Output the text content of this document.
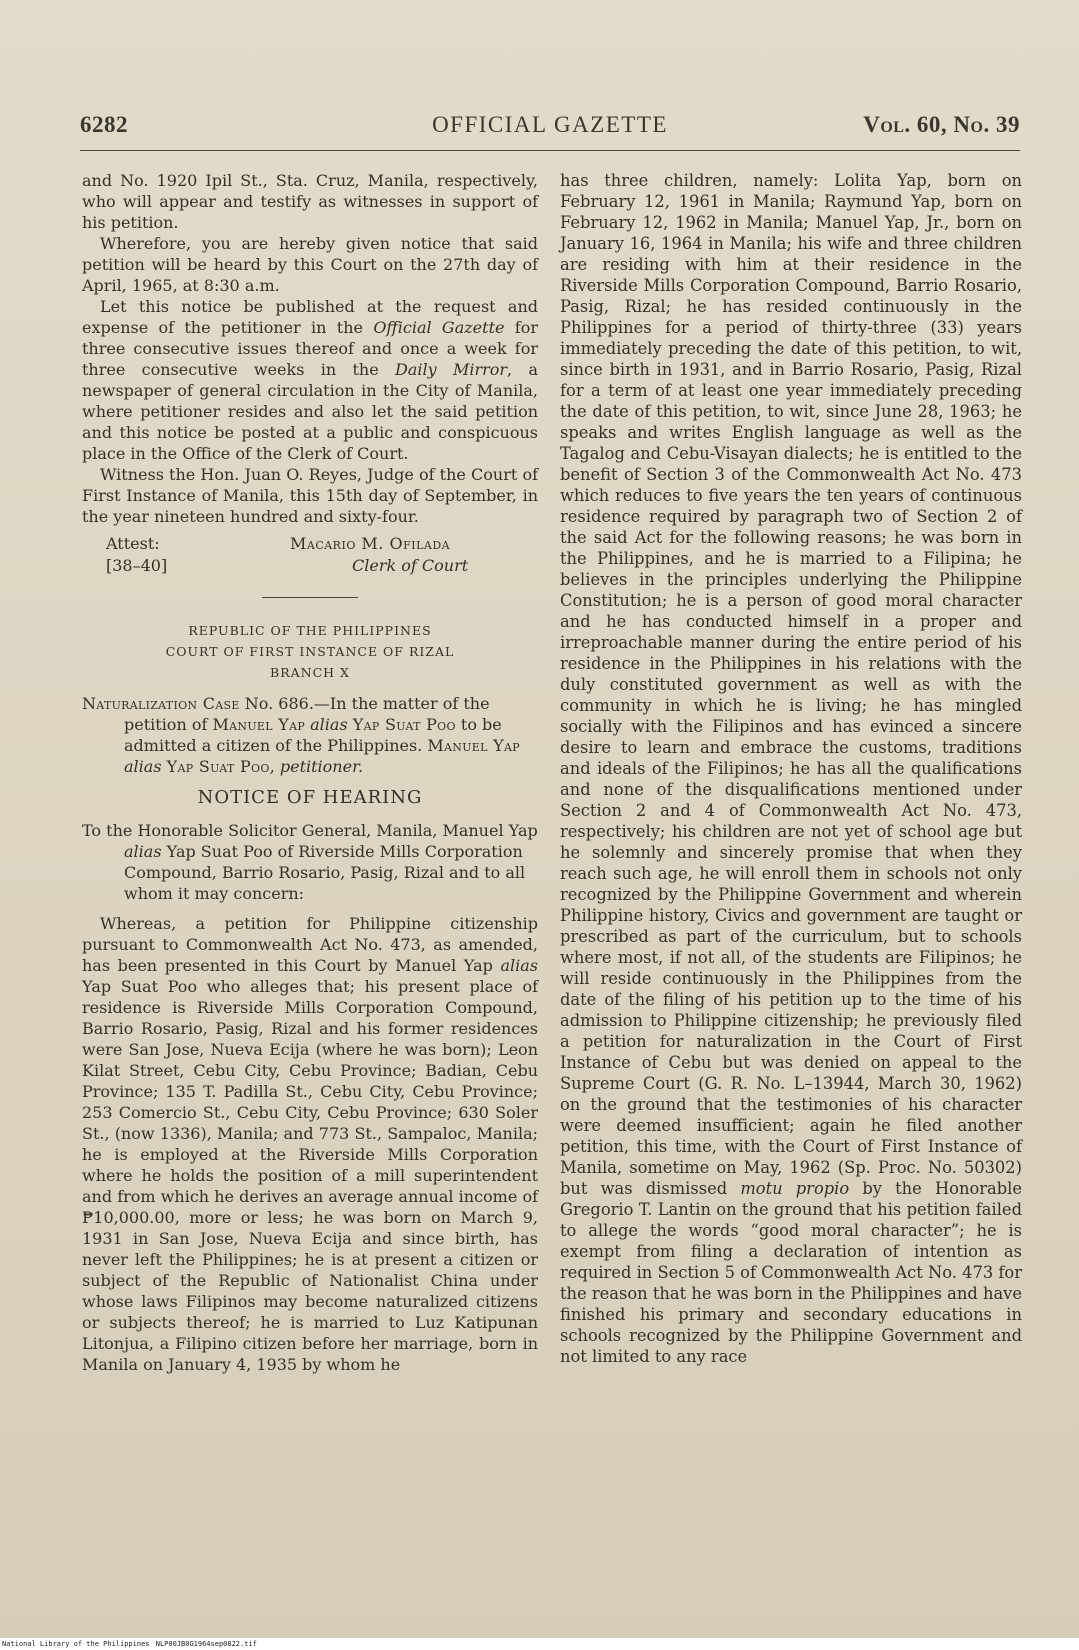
6282	OFFICIAL GAZETTE	Vol. 60, No. 39

and No. 1920 Ipil St., Sta. Cruz, Manila, respectively, who will appear and testify as witnesses in support of his petition.

Wherefore, you are hereby given notice that said petition will be heard by this Court on the 27th day of April, 1965, at 8:30 a.m.

Let this notice be published at the request and expense of the petitioner in the Official Gazette for three consecutive issues thereof and once a week for three consecutive weeks in the Daily Mirror, a newspaper of general circulation in the City of Manila, where petitioner resides and also let the said petition and this notice be posted at a public and conspicuous place in the Office of the Clerk of Court.

Witness the Hon. Juan O. Reyes, Judge of the Court of First Instance of Manila, this 15th day of September, in the year nineteen hundred and sixty-four.

Attest:
[38–40]
Macario M. Ofilada
Clerk of Court
REPUBLIC OF THE PHILIPPINES
COURT OF FIRST INSTANCE OF RIZAL
BRANCH X

Naturalization Case No. 686.—In the matter of the petition of Manuel Yap alias Yap Suat Poo to be admitted a citizen of the Philippines. Manuel Yap alias Yap Suat Poo, petitioner.

NOTICE OF HEARING

To the Honorable Solicitor General, Manila, Manuel Yap alias Yap Suat Poo of Riverside Mills Corporation Compound, Barrio Rosario, Pasig, Rizal and to all whom it may concern:

Whereas, a petition for Philippine citizenship pursuant to Commonwealth Act No. 473, as amended, has been presented in this Court by Manuel Yap alias Yap Suat Poo who alleges that; his present place of residence is Riverside Mills Corporation Compound, Barrio Rosario, Pasig, Rizal and his former residences were San Jose, Nueva Ecija (where he was born); Leon Kilat Street, Cebu City, Cebu Province; Badian, Cebu Province; 135 T. Padilla St., Cebu City, Cebu Province; 253 Comercio St., Cebu City, Cebu Province; 630 Soler St., (now 1336), Manila; and 773 St., Sampaloc, Manila; he is employed at the Riverside Mills Corporation where he holds the position of a mill superintendent and from which he derives an average annual income of ₱10,000.00, more or less; he was born on March 9, 1931 in San Jose, Nueva Ecija and since birth, has never left the Philippines; he is at present a citizen or subject of the Republic of Nationalist China under whose laws Filipinos may become naturalized citizens or subjects thereof; he is married to Luz Katipunan Litonjua, a Filipino citizen before her marriage, born in Manila on January 4, 1935 by whom he

has three children, namely: Lolita Yap, born on February 12, 1961 in Manila; Raymund Yap, born on February 12, 1962 in Manila; Manuel Yap, Jr., born on January 16, 1964 in Manila; his wife and three children are residing with him at their residence in the Riverside Mills Corporation Compound, Barrio Rosario, Pasig, Rizal; he has resided continuously in the Philippines for a period of thirty-three (33) years immediately preceding the date of this petition, to wit, since birth in 1931, and in Barrio Rosario, Pasig, Rizal for a term of at least one year immediately preceding the date of this petition, to wit, since June 28, 1963; he speaks and writes English language as well as the Tagalog and Cebu-Visayan dialects; he is entitled to the benefit of Section 3 of the Commonwealth Act No. 473 which reduces to five years the ten years of continuous residence required by paragraph two of Section 2 of the said Act for the following reasons; he was born in the Philippines, and he is married to a Filipina; he believes in the principles underlying the Philippine Constitution; he is a person of good moral character and he has conducted himself in a proper and irreproachable manner during the entire period of his residence in the Philippines in his relations with the duly constituted government as well as with the community in which he is living; he has mingled socially with the Filipinos and has evinced a sincere desire to learn and embrace the customs, traditions and ideals of the Filipinos; he has all the qualifications and none of the disqualifications mentioned under Section 2 and 4 of Commonwealth Act No. 473, respectively; his children are not yet of school age but he solemnly and sincerely promise that when they reach such age, he will enroll them in schools not only recognized by the Philippine Government and wherein Philippine history, Civics and government are taught or prescribed as part of the curriculum, but to schools where most, if not all, of the students are Filipinos; he will reside continuously in the Philippines from the date of the filing of his petition up to the time of his admission to Philippine citizenship; he previously filed a petition for naturalization in the Court of First Instance of Cebu but was denied on appeal to the Supreme Court (G. R. No. L–13944, March 30, 1962) on the ground that the testimonies of his character were deemed insufficient; again he filed another petition, this time, with the Court of First Instance of Manila, sometime on May, 1962 (Sp. Proc. No. 50302) but was dismissed motu propio by the Honorable Gregorio T. Lantin on the ground that his petition failed to allege the words “good moral character”; he is exempt from filing a declaration of intention as required in Section 5 of Commonwealth Act No. 473 for the reason that he was born in the Philippines and have finished his primary and secondary educations in schools recognized by the Philippine Government and not limited to any race

National Library of the Philippines NLP00JB0G1964sep0822.tif
